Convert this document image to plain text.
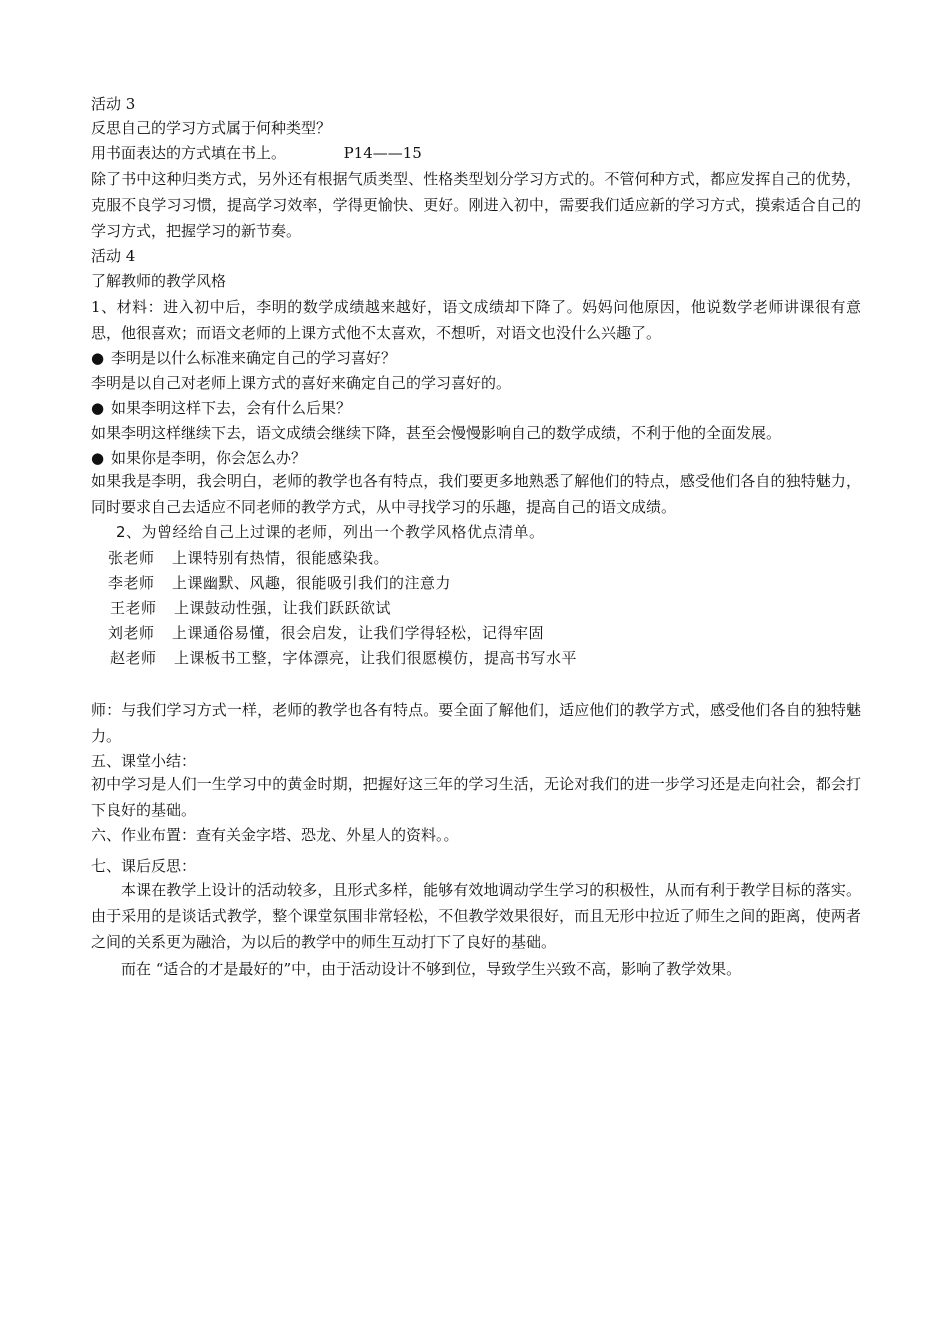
活动 3
反思自己的学习方式属于何种类型？
用书面表达的方式填在书上。	P14——15
除了书中这种归类方式，另外还有根据气质类型、性格类型划分学习方式的。不管何种方式，都应发挥自己的优势，克服不良学习习惯，提高学习效率，学得更愉快、更好。刚进入初中，需要我们适应新的学习方式，摸索适合自己的学习方式，把握学习的新节奏。
活动 4
了解教师的教学风格
1、材料：进入初中后，李明的数学成绩越来越好，语文成绩却下降了。妈妈问他原因，他说数学老师讲课很有意思，他很喜欢；而语文老师的上课方式他不太喜欢，不想听，对语文也没什么兴趣了。
● 李明是以什么标准来确定自己的学习喜好？
李明是以自己对老师上课方式的喜好来确定自己的学习喜好的。
● 如果李明这样下去，会有什么后果？
如果李明这样继续下去，语文成绩会继续下降，甚至会慢慢影响自己的数学成绩，不利于他的全面发展。
● 如果你是李明，你会怎么办？
如果我是李明，我会明白，老师的教学也各有特点，我们要更多地熟悉了解他们的特点，感受他们各自的独特魅力，同时要求自己去适应不同老师的教学方式，从中寻找学习的乐趣，提高自己的语文成绩。
2、为曾经给自己上过课的老师，列出一个教学风格优点清单。
张老师 上课特别有热情，很能感染我。
李老师 上课幽默、风趣，很能吸引我们的注意力
王老师 上课鼓动性强，让我们跃跃欲试
刘老师 上课通俗易懂，很会启发，让我们学得轻松，记得牢固
赵老师 上课板书工整，字体漂亮，让我们很愿模仿，提高书写水平
师：与我们学习方式一样，老师的教学也各有特点。要全面了解他们，适应他们的教学方式，感受他们各自的独特魅力。
五、课堂小结：
初中学习是人们一生学习中的黄金时期，把握好这三年的学习生活，无论对我们的进一步学习还是走向社会，都会打下良好的基础。
六、作业布置：查有关金字塔、恐龙、外星人的资料。。
七、课后反思：
本课在教学上设计的活动较多，且形式多样，能够有效地调动学生学习的积极性，从而有利于教学目标的落实。由于采用的是谈话式教学，整个课堂氛围非常轻松，不但教学效果很好，而且无形中拉近了师生之间的距离，使两者之间的关系更为融洽，为以后的教学中的师生互动打下了良好的基础。
而在 “适合的才是最好的”中，由于活动设计不够到位，导致学生兴致不高，影响了教学效果。
